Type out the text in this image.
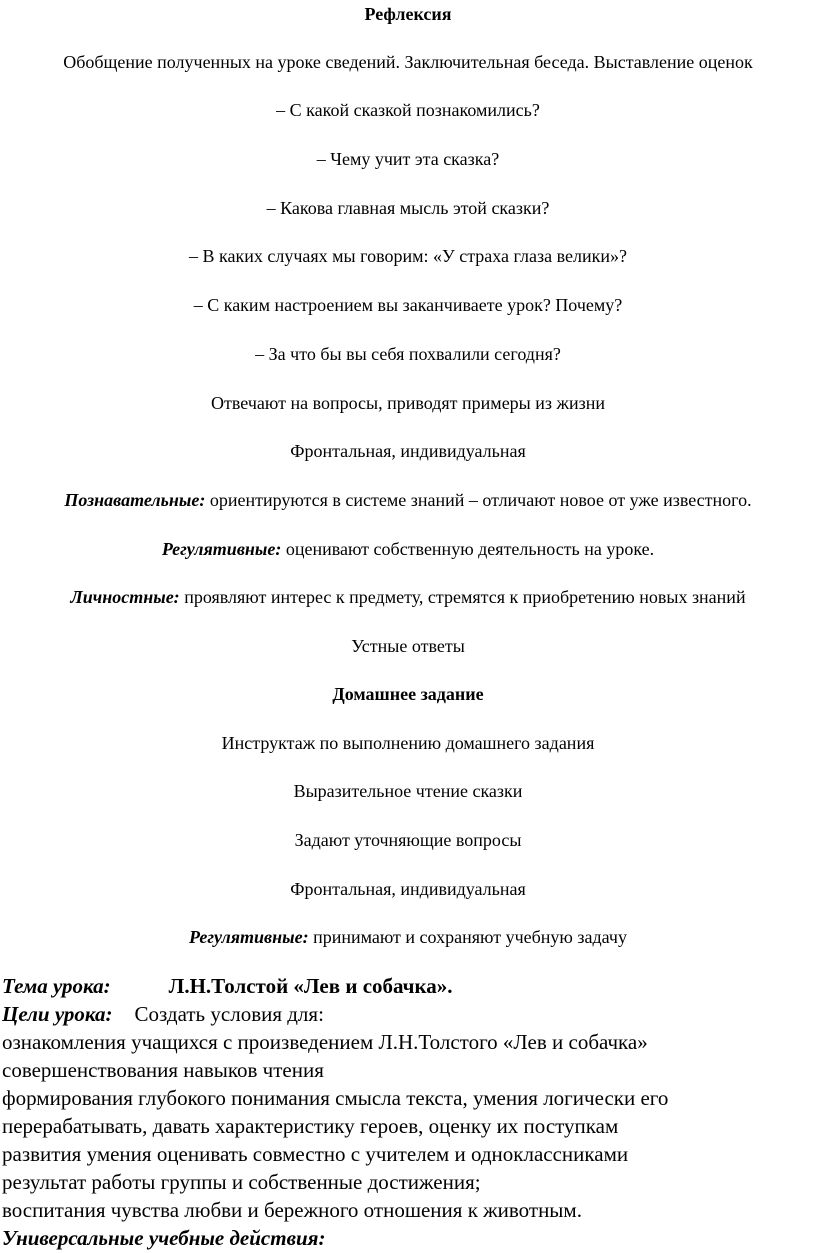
Рефлексия
Обобщение полученных на уроке сведений. Заключительная беседа. Выставление оценок
– С какой сказкой познакомились?
– Чему учит эта сказка?
– Какова главная мысль этой сказки?
– В каких случаях мы говорим: «У страха глаза велики»?
– С каким настроением вы заканчиваете урок? Почему?
– За что бы вы себя похвалили сегодня?
Отвечают на вопросы, приводят примеры из жизни
Фронтальная, индивидуальная
Познавательные: ориентируются в системе знаний – отличают новое от уже известного.
Регулятивные: оценивают собственную деятельность на уроке.
Личностные: проявляют интерес к предмету, стремятся к приобретению новых знаний
Устные ответы
Домашнее задание
Инструктаж по выполнению домашнего задания
Выразительное чтение сказки
Задают уточняющие вопросы
Фронтальная, индивидуальная
Регулятивные: принимают и сохраняют учебную задачу
Тема урока:	Л.Н.Толстой «Лев и собачка».
Цели урока: Создать условия для:
ознакомления учащихся с произведением Л.Н.Толстого «Лев и собачка»
совершенствования навыков чтения
формирования глубокого понимания смысла текста, умения логически его
перерабатывать, давать характеристику героев, оценку их поступкам
развития умения оценивать совместно с учителем и одноклассниками
результат работы группы и собственные достижения;
воспитания чувства любви и бережного отношения к животным.
Универсальные учебные действия:
